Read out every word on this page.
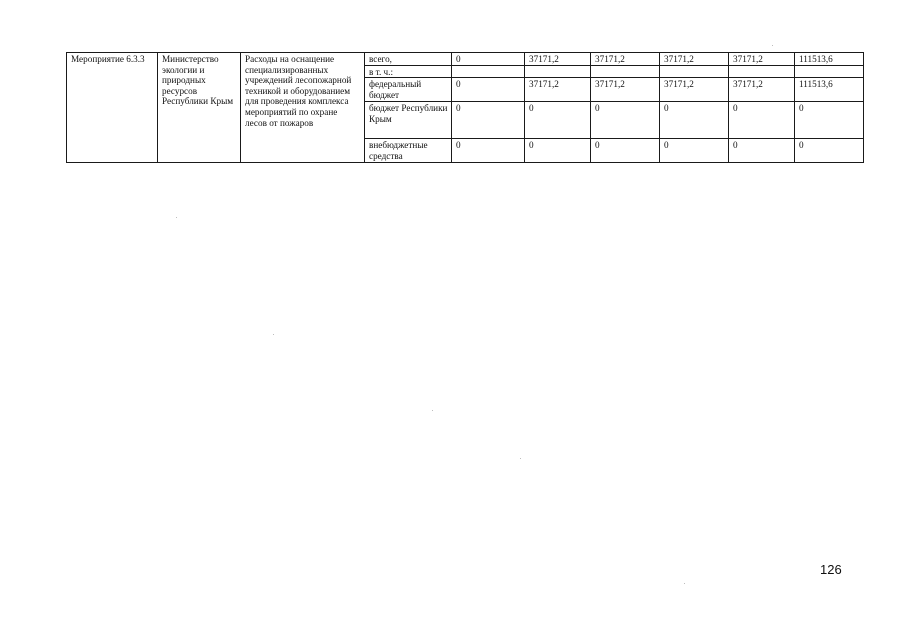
Мероприятие 6.3.3	Министерство экологии и природных ресурсов Республики Крым	Расходы на оснащение специализированных учреждений лесопожарной техникой и оборудованием для проведения комплекса мероприятий по охране лесов от пожаров	всего,	0	37171,2	37171,2	37171,2	37171,2	111513,6
			в т. ч.:						
			федеральный бюджет	0	37171,2	37171,2	37171,2	37171,2	111513,6
			бюджет Республики Крым	0	0	0	0	0	0
			внебюджетные средства	0	0	0	0	0	0
126
